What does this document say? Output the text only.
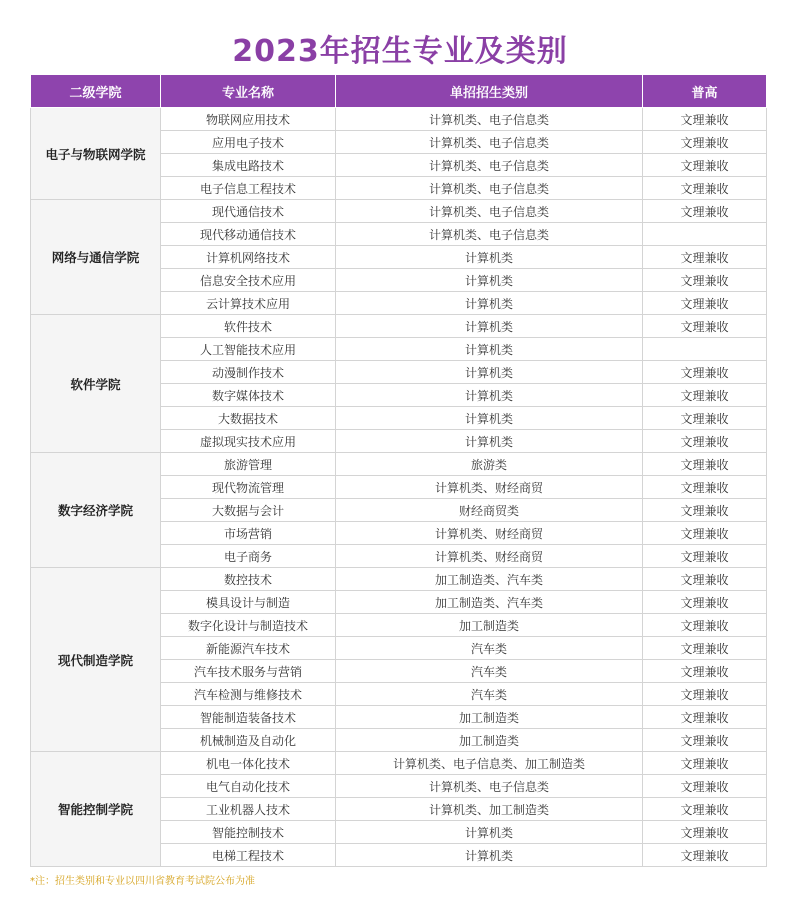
2023年招生专业及类别
二级学院	专业名称	单招招生类别	普高
电子与物联网学院	物联网应用技术	计算机类、电子信息类	文理兼收
	应用电子技术	计算机类、电子信息类	文理兼收
	集成电路技术	计算机类、电子信息类	文理兼收
	电子信息工程技术	计算机类、电子信息类	文理兼收
网络与通信学院	现代通信技术	计算机类、电子信息类	文理兼收
	现代移动通信技术	计算机类、电子信息类	
	计算机网络技术	计算机类	文理兼收
	信息安全技术应用	计算机类	文理兼收
	云计算技术应用	计算机类	文理兼收
软件学院	软件技术	计算机类	文理兼收
	人工智能技术应用	计算机类	
	动漫制作技术	计算机类	文理兼收
	数字媒体技术	计算机类	文理兼收
	大数据技术	计算机类	文理兼收
	虚拟现实技术应用	计算机类	文理兼收
数字经济学院	旅游管理	旅游类	文理兼收
	现代物流管理	计算机类、财经商贸	文理兼收
	大数据与会计	财经商贸类	文理兼收
	市场营销	计算机类、财经商贸	文理兼收
	电子商务	计算机类、财经商贸	文理兼收
现代制造学院	数控技术	加工制造类、汽车类	文理兼收
	模具设计与制造	加工制造类、汽车类	文理兼收
	数字化设计与制造技术	加工制造类	文理兼收
	新能源汽车技术	汽车类	文理兼收
	汽车技术服务与营销	汽车类	文理兼收
	汽车检测与维修技术	汽车类	文理兼收
	智能制造装备技术	加工制造类	文理兼收
	机械制造及自动化	加工制造类	文理兼收
智能控制学院	机电一体化技术	计算机类、电子信息类、加工制造类	文理兼收
	电气自动化技术	计算机类、电子信息类	文理兼收
	工业机器人技术	计算机类、加工制造类	文理兼收
	智能控制技术	计算机类	文理兼收
	电梯工程技术	计算机类	文理兼收
*注：招生类别和专业以四川省教育考试院公布为准
